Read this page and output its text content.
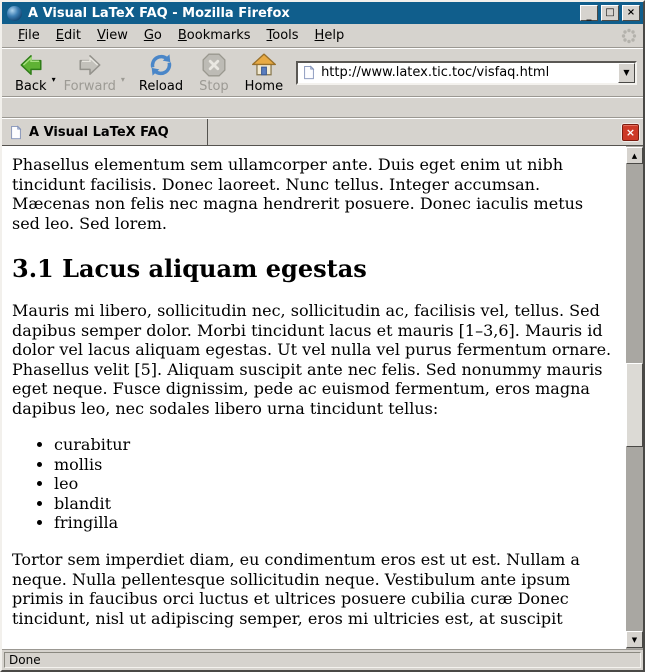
A Visual LaTeX FAQ - Mozilla Firefox	_ □ ×
File	Edit	View	Go	Bookmarks	Tools	Help
Back ▾ Forward ▾ Reload Stop Home
http://www.latex.tic.toc/visfaq.html
▼
A Visual LaTeX FAQ	×

Phasellus elementum sem ullamcorper ante. Duis eget enim ut nibh tincidunt facilisis. Donec laoreet. Nunc tellus. Integer accumsan. Mæcenas non felis nec magna hendrerit posuere. Donec iaculis metus sed leo. Sed lorem.

3.1 Lacus aliquam egestas

Mauris mi libero, sollicitudin nec, sollicitudin ac, facilisis vel, tellus. Sed dapibus semper dolor. Morbi tincidunt lacus et mauris [1–3,6]. Mauris id dolor vel lacus aliquam egestas. Ut vel nulla vel purus fermentum ornare. Phasellus velit [5]. Aliquam suscipit ante nec felis. Sed nonummy mauris eget neque. Fusce dignissim, pede ac euismod fermentum, eros magna dapibus leo, nec sodales libero urna tincidunt tellus:

• curabitur
• mollis
• leo
• blandit
• fringilla

Tortor sem imperdiet diam, eu condimentum eros est ut est. Nullam a neque. Nulla pellentesque sollicitudin neque. Vestibulum ante ipsum primis in faucibus orci luctus et ultrices posuere cubilia curæ Donec tincidunt, nisl ut adipiscing semper, eros mi ultricies est, at suscipit

▲
▼
Done
